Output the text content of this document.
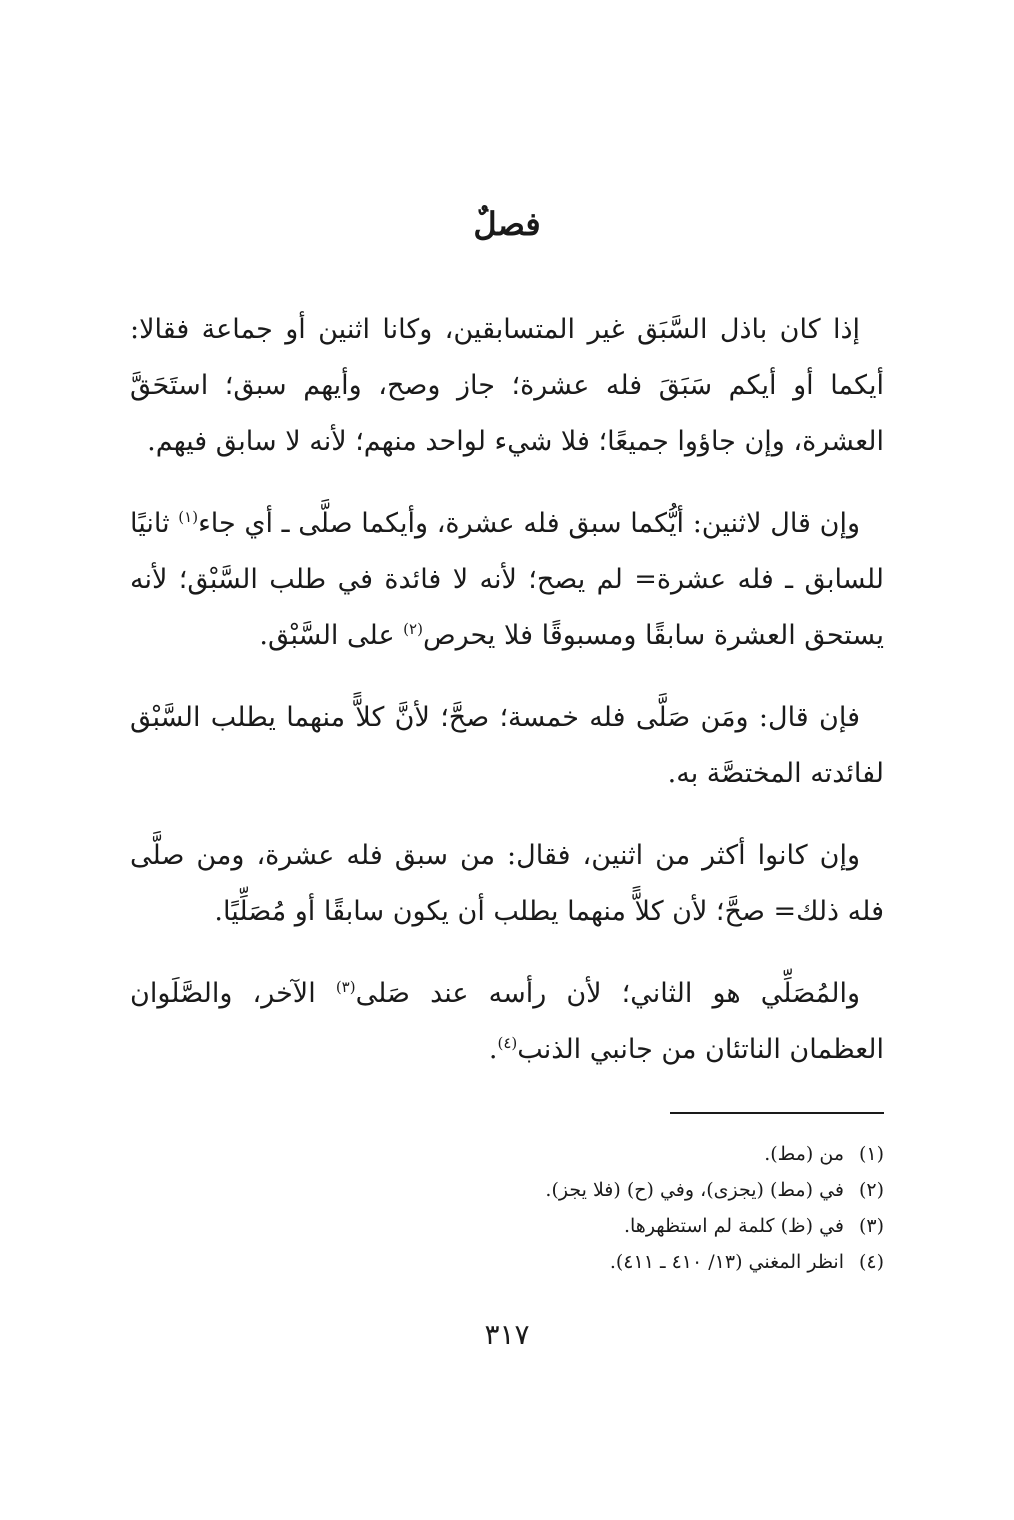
فصلٌ

إذا كان باذل السَّبَق غير المتسابقين، وكانا اثنين أو جماعة فقالا: أيكما أو أيكم سَبَقَ فله عشرة؛ جاز وصح، وأيهم سبق؛ استَحَقَّ العشرة، وإن جاؤوا جميعًا؛ فلا شيء لواحد منهم؛ لأنه لا سابق فيهم.

وإن قال لاثنين: أيُّكما سبق فله عشرة، وأيكما صلَّى ـ أي جاء$^{(١)}$ ثانيًا للسابق ـ فله عشرة= لم يصح؛ لأنه لا فائدة في طلب السَّبْق؛ لأنه يستحق العشرة سابقًا ومسبوقًا فلا يحرص$^{(٢)}$ على السَّبْق.

فإن قال: ومَن صَلَّى فله خمسة؛ صحَّ؛ لأنَّ كلاًّ منهما يطلب السَّبْق لفائدته المختصَّة به.

وإن كانوا أكثر من اثنين، فقال: من سبق فله عشرة، ومن صلَّى فله ذلك= صحَّ؛ لأن كلاًّ منهما يطلب أن يكون سابقًا أو مُصَلِّيًا.

والمُصَلِّي هو الثاني؛ لأن رأسه عند صَلى$^{(٣)}$ الآخر، والصَّلَوان العظمان الناتئان من جانبي الذنب$^{(٤)}$.

(١)من (مط).
(٢)في (مط) (يجزى)، وفي (ح) (فلا يجز).
(٣)في (ظ) كلمة لم استظهرها.
(٤)انظر المغني (١٣/ ٤١٠ ـ ٤١١).
٣١٧
